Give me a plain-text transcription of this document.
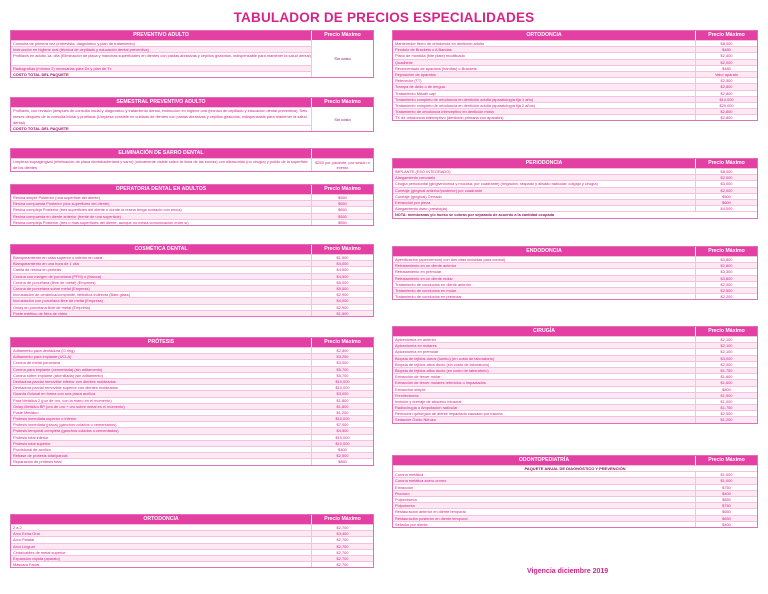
TABULADOR DE PRECIOS ESPECIALIDADES
PREVENTIVO ADULTO	Precio Máximo
Consulta de primera vez (entrevista, diagnóstico y plan de tratamiento)
Instrucción en higiene oral (técnica de cepillado y educación dental preventiva)
Profilaxis en adulto 1a. cita (Eliminación de placa y manchas superficiales en dientes con pastas abrasivas y cepillos giratorios, indispensable para mantener la salud dental)
Radiografías (mínimo 2) necesarias para Dx y plan de Tx
COSTO TOTAL DEL PAQUETE
Sin costo
SEMESTRAL PREVENTIVO ADULTO	Precio Máximo
Profilaxis, con revisión (después de consulta inicial y diagnóstico y tratamiento dental, instrucción en higiene oral (técnica de cepillado y educación dental preventiva). Seis meses después de la consulta inicial y profilaxis (Limpieza consiste en cuidado de dientes con pastas abrasivas y cepillos giratorios, indispensable para mantener la salud dental)
COSTO TOTAL DEL PAQUETE
Sin costo
ELIMINACIÓN DE SARRO DENTAL
Limpieza supragingival (eliminación de placa dentobacteriana y sarro) (únicamente visible sobre la línea de las encías) con ultrasonido (no cirugía) y pulido de la superficie de los dientes
$250 por paciente, por sesión o evento
OPERATORIA DENTAL EN ADULTOS	Precio Máximo
Resina simple Posterior (una superficie del diente)	$550
Resina compuesta Posterior (dos superficies del diente)	$650
Resina compleja Posterior (tres superficies del diente o donde la resina tenga contacto con encía)	$650
Resina compuesta en diente anterior (frente de una superficie)	$550
Resina compleja Posterior (tres o más superficies del diente, aunque no exista comunicación entre sí)	$550
COSMÉTICA DENTAL	Precio Máximo
Blanqueamiento en casa superior o inferior en casa	$1,500
Blanqueamiento en una hora de 1 cita	$4,000
Carilla de resina en prótesis	$4,500
Corona con margen de porcelana (PFM) o (blanca)	$4,500
Corona de porcelana (libre de metal) (Emprees)	$5,000
Corona de porcelana sobre metal (Empress)	$5,500
Incrustación de cerámica/composite, bibliotica indirecta (Bate glass)	$2,900
Incrustación con porcelana libre de metal (Empress)	$4,000
Onlay en porcelana libre de metal (Empress)	$2,900
Poste estético de fibra de vidrio	$1,500
PRÓTESIS	Precio Máximo
Aditamento para dentadura (O-ring)	$2,800
Aditamento para implante (UCLA)	$3,250
Corona de metal porcelana	$3,000
Corona para implante (cementada) (sin aditamento)	$5,700
Corona sobre implante (atornillada) (sin aditamento)	$5,700
Dentadura parcial removible inferior con dientes moldeados	$10,000
Dentadura parcial removible superior con dientes moldeados	$10,000
Guarda Oclusal en forma con una placa acrílica	$3,000
Para Metálica 2 (por de oro, con la mano en el momento)	$1,800
Onlay Metálico BP (oro de oro + oro sobre metal en el momento)	$1,800
Poste Metálico	$1,250
Prótesis inmediata superior o inferior	$10,000
Prótesis inmediata (placa) (ganchos colados o cementados)	$7,000
Prótesis temporal completa (ganchos colados o cementados)	$4,500
Prótesis total inferior	$10,000
Prótesis total superior	$10,000
Provisional de acrílico	$400
Rebase de prótesis total/parcial	$2,500
Reparación de prótesis total	$850
ORTODONCIA	Precio Máximo
2 a 2	$2,700
Arco Extra Oral	$3,400
Arco Palatal	$2,700
Arco Lingual	$2,700
Cinta/cables de metal superior	$2,700
Expansión rápida (aparato)	$2,700
Máscara Facial	$2,700
ORTODONCIA	Precio Máximo
Mantenedor fierro de ortodoncia en dentición adulto	$8,000
Pendulo de Brackets o A Bandas	$480
Plano de mordida (bite plate) modificado	$2,400
Quadhelix	$2,000
Recementado de aparatos (bandas) o Brackets	$480
Reposición de aparatos	Valor aparato
Retenedor (TT)	$2,500
Trampa de dedo o de lengua	$2,800
Tratamiento Misath uap	$2,800
Tratamiento completo de ortodoncia en dentición adulta (aparatología fija 1 año)	$14,000
Tratamiento completo de ortodoncia en dentición adulta (aparatología fija 2 años)	$29,000
Tratamiento de ortodoncia interceptivo en dentición mixta	$2,800
TX de ortodoncia interceptivo (dentición primaria con aparatos)	$2,800
PERIODONCIA	Precio Máximo
IMPLANTE (ESO INTEGRADO)	$8,000
Alargamiento coronario	$2,000
Cirugía periodontal (gingivectomía y mucosa, por cuadrante) (Irrigación, raspado y alisado radicular, colgajo y cirugía)	$3,000
Curetaje (gingival anterior/posterior) por cuadrante	$2,000
Curetaje (gingival) Cerrado	$500
Extracción por pieza	$600
Alargamiento óseo (crestogía)	$4,000
NOTA: membranas y/o hueso se cobran por separado de acuerdo a la cantidad ocupada
ENDODONCIA	Precio Máximo
Apexificación (apexorrhum) con dos citas incluidas para control)	$3,800
Retratamiento en un diente anterior	$2,800
Retratamiento en premolar	$3,300
Retratamiento en un diente molar	$3,800
Tratamiento de conductos en diente anterior	$2,000
Tratamiento de conductos en molar	$2,500
Tratamiento de conductos en premolar	$2,200
CIRUGÍA	Precio Máximo
Apicectomía en anterior	$2,100
Apicectomía en molares	$2,100
Apicectomía en premolar	$2,100
Biopsia de tejidos duros (tumbo) (en costo de laboratorio)	$3,000
Biopsia de tejidos altos ducto (sin costo de laboratorio)	$2,000
Biopsia de tejidos altos ducto (en costo de laboratorio)	$1,750
Extracción de tercer molar	$1,600
Extracción de tercer molares retenidos o impactados	$1,600
Extracción simple	$800
Frenilectomía	$1,500
Incisión y drenaje de absceso intraoral	$1,000
Radiocirugía o Amputación radicular	$1,750
Remoción quirúrgica de diente impactado causado por trauma	$2,500
Sedación Óxido Nitroso	$1,200
ODONTOPEDIATRÍA	Precio Máximo
PAQUETE ANUAL DE DIAGNÓSTICO Y PREVENCIÓN
Corona metálica	$1,000
Corona metálica acero-cromo	$1,000
Extracción	$750
Fluoruro	$400
Pulpectomía	$850
Pulpotomía	$750
Restauración anterior en diente temporal	$650
Restauración posterior en diente temporal	$650
Sellador por diente	$400
Vigencia diciembre 2019
